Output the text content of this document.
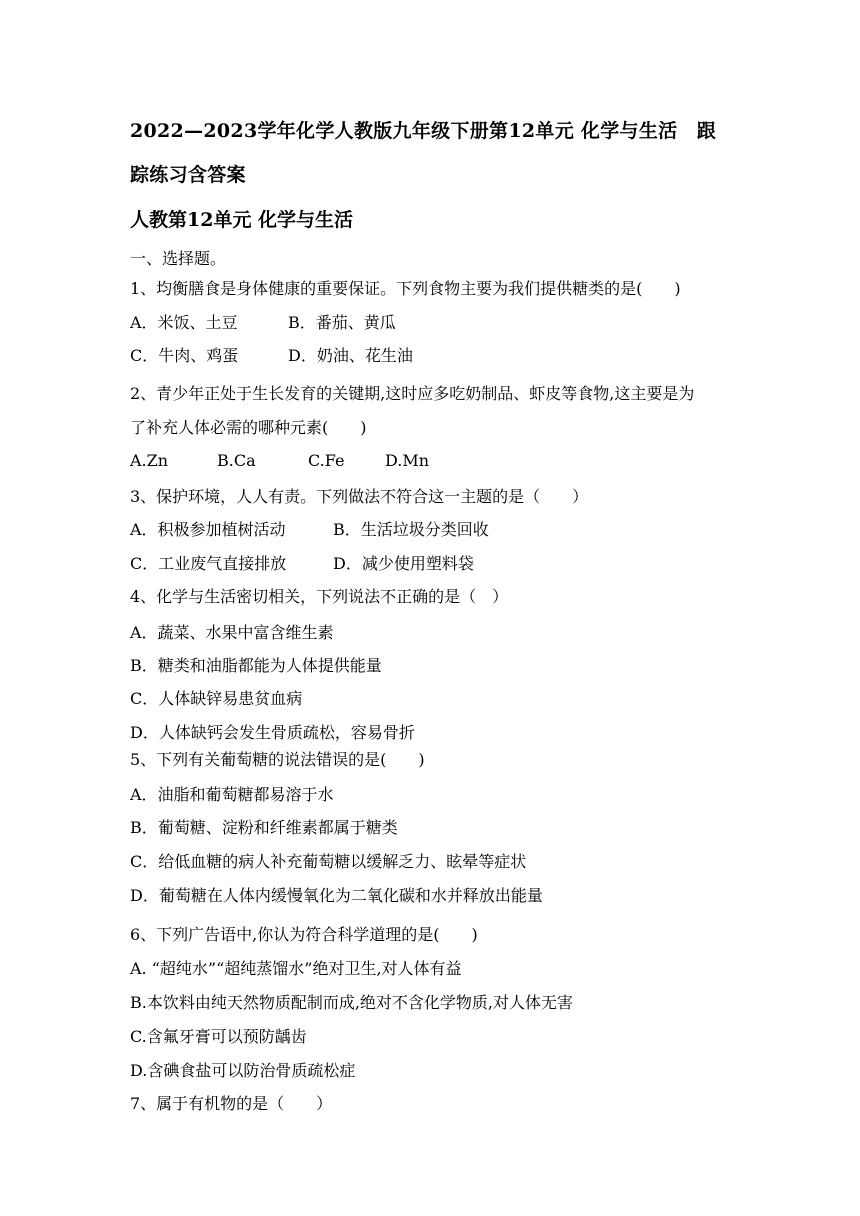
2022—2023学年化学人教版九年级下册第12单元 化学与生活　跟
踪练习含答案
人教第12单元 化学与生活
一、选择题。
1、均衡膳食是身体健康的重要保证。下列食物主要为我们提供糖类的是(　　)
A．米饭、土豆	B．番茄、黄瓜
C．牛肉、鸡蛋	D．奶油、花生油
2、青少年正处于生长发育的关键期,这时应多吃奶制品、虾皮等食物,这主要是为
了补充人体必需的哪种元素(　　)
A.Zn	B.Ca	C.Fe	D.Mn
3、保护环境，人人有责。下列做法不符合这一主题的是（　　）
A．积极参加植树活动	B．生活垃圾分类回收
C．工业废气直接排放	D．减少使用塑料袋
4、化学与生活密切相关，下列说法不正确的是（　）
A．蔬菜、水果中富含维生素
B．糖类和油脂都能为人体提供能量
C．人体缺锌易患贫血病
D．人体缺钙会发生骨质疏松，容易骨折
5、下列有关葡萄糖的说法错误的是(　　)
A．油脂和葡萄糖都易溶于水
B．葡萄糖、淀粉和纤维素都属于糖类
C．给低血糖的病人补充葡萄糖以缓解乏力、眩晕等症状
D．葡萄糖在人体内缓慢氧化为二氧化碳和水并释放出能量
6、下列广告语中,你认为符合科学道理的是(　　)
A. “超纯水”“超纯蒸馏水”绝对卫生,对人体有益
B.本饮料由纯天然物质配制而成,绝对不含化学物质,对人体无害
C.含氟牙膏可以预防龋齿
D.含碘食盐可以防治骨质疏松症
7、属于有机物的是（　　）
